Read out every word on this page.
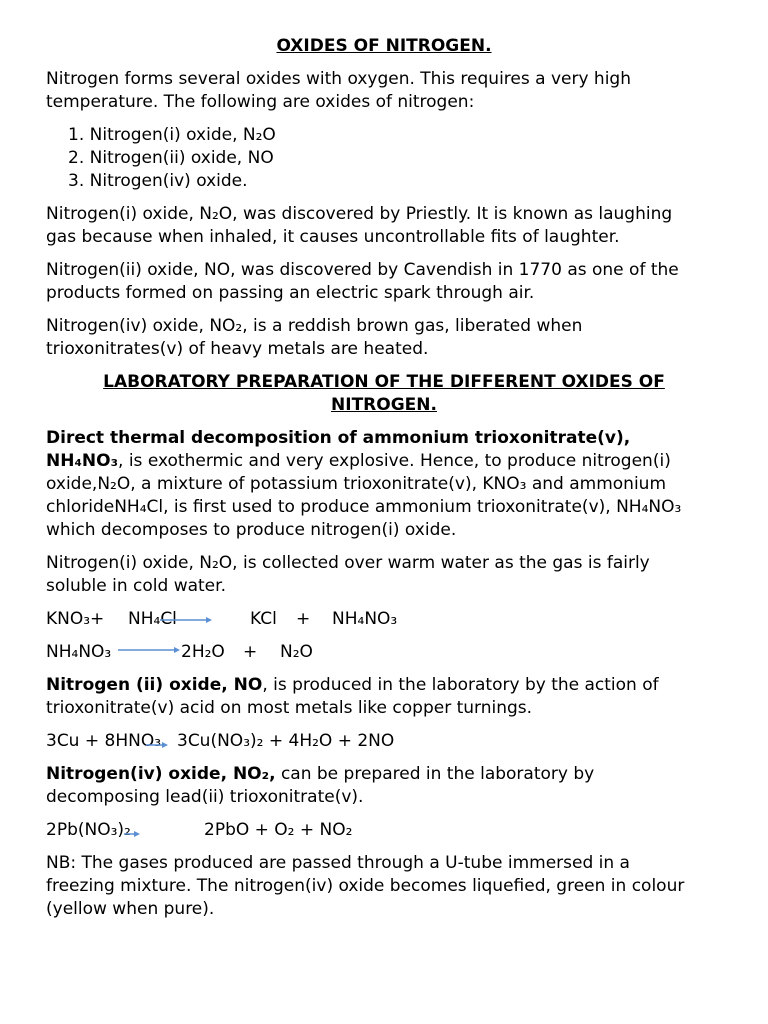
OXIDES OF NITROGEN.
Nitrogen forms several oxides with oxygen. This requires a very high
temperature. The following are oxides of nitrogen:
1. Nitrogen(i) oxide, N₂O
2. Nitrogen(ii) oxide, NO
3. Nitrogen(iv) oxide.
Nitrogen(i) oxide, N₂O, was discovered by Priestly. It is known as laughing
gas because when inhaled, it causes uncontrollable fits of laughter.
Nitrogen(ii) oxide, NO, was discovered by Cavendish in 1770 as one of the
products formed on passing an electric spark through air.
Nitrogen(iv) oxide, NO₂, is a reddish brown gas, liberated when
trioxonitrates(v) of heavy metals are heated.
LABORATORY PREPARATION OF THE DIFFERENT OXIDES OF
NITROGEN.
Direct thermal decomposition of ammonium trioxonitrate(v),
NH₄NO₃, is exothermic and very explosive. Hence, to produce nitrogen(i)
oxide,N₂O, a mixture of potassium trioxonitrate(v), KNO₃ and ammonium
chlorideNH₄Cl, is first used to produce ammonium trioxonitrate(v), NH₄NO₃
which decomposes to produce nitrogen(i) oxide.
Nitrogen(i) oxide, N₂O, is collected over warm water as the gas is fairly
soluble in cold water.
KNO₃+ NH₄Cl	KCl + NH₄NO₃
NH₄NO₃	2H₂O + N₂O
Nitrogen (ii) oxide, NO, is produced in the laboratory by the action of
trioxonitrate(v) acid on most metals like copper turnings.
3Cu + 8HNO₃ 3Cu(NO₃)₂ + 4H₂O + 2NO
Nitrogen(iv) oxide, NO₂, can be prepared in the laboratory by
decomposing lead(ii) trioxonitrate(v).
2Pb(NO₃)₂	2PbO + O₂ + NO₂
NB: The gases produced are passed through a U-tube immersed in a
freezing mixture. The nitrogen(iv) oxide becomes liquefied, green in colour
(yellow when pure).
